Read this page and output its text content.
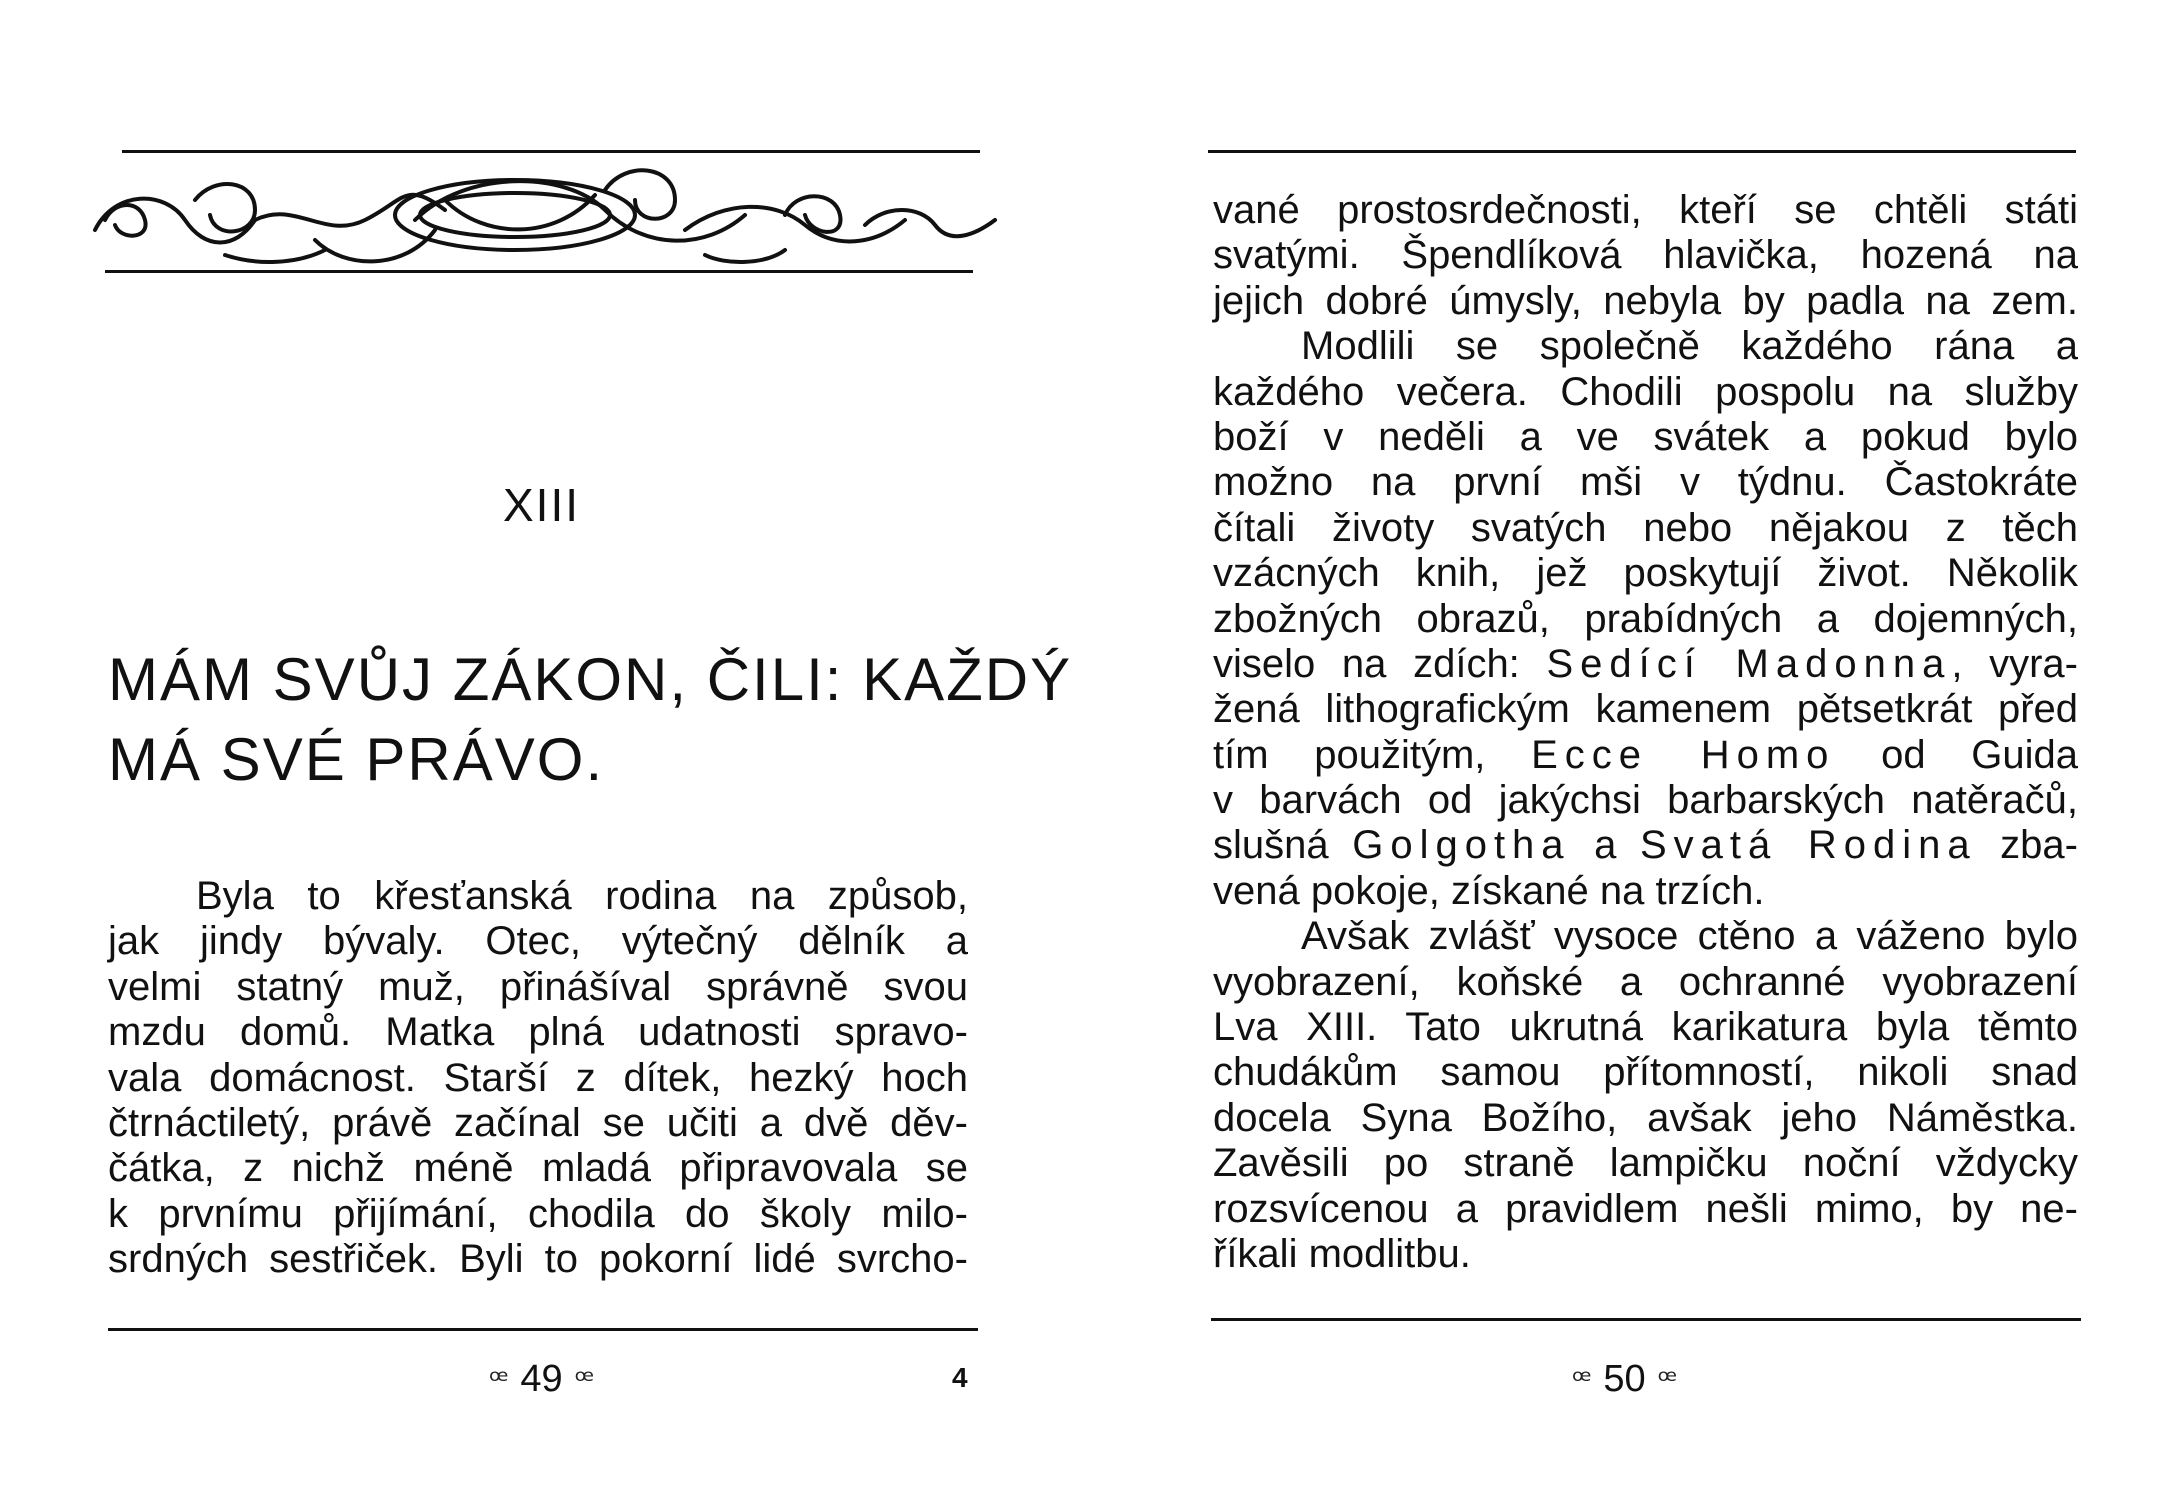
XIII
MÁM SVŮJ ZÁKON, ČILI: KAŽDÝ
MÁ SVÉ PRÁVO.
Byla to křesťanská rodina na způsob,
jak jindy bývaly. Otec, výtečný dělník a
velmi statný muž, přinášíval správně svou
mzdu domů. Matka plná udatnosti spravo-
vala domácnost. Starší z dítek, hezký hoch
čtrnáctiletý, právě začínal se učiti a dvě děv-
čátka, z nichž méně mladá připravovala se
k prvnímu přijímání, chodila do školy milo-
srdných sestřiček. Byli to pokorní lidé svrcho-
ꟹ 49 ꟹ	4
vané prostosrdečnosti, kteří se chtěli státi
svatými. Špendlíková hlavička, hozená na
jejich dobré úmysly, nebyla by padla na zem.
Modlili se společně každého rána a
každého večera. Chodili pospolu na služby
boží v neděli a ve svátek a pokud bylo
možno na první mši v týdnu. Častokráte
čítali životy svatých nebo nějakou z těch
vzácných knih, jež poskytují život. Několik
zbožných obrazů, prabídných a dojemných,
viselo na zdích: Sedící Madonna, vyra-
žená lithografickým kamenem pětsetkrát před
tím použitým, Ecce Homo od Guida
v barvách od jakýchsi barbarských natěračů,
slušná Golgotha a Svatá Rodina zba-
vená pokoje, získané na trzích.
Avšak zvlášť vysoce ctěno a váženo bylo
vyobrazení, koňské a ochranné vyobrazení
Lva XIII. Tato ukrutná karikatura byla těmto
chudákům samou přítomností, nikoli snad
docela Syna Božího, avšak jeho Náměstka.
Zavěsili po straně lampičku noční vždycky
rozsvícenou a pravidlem nešli mimo, by ne-
říkali modlitbu.
ꟹ 50 ꟹ
